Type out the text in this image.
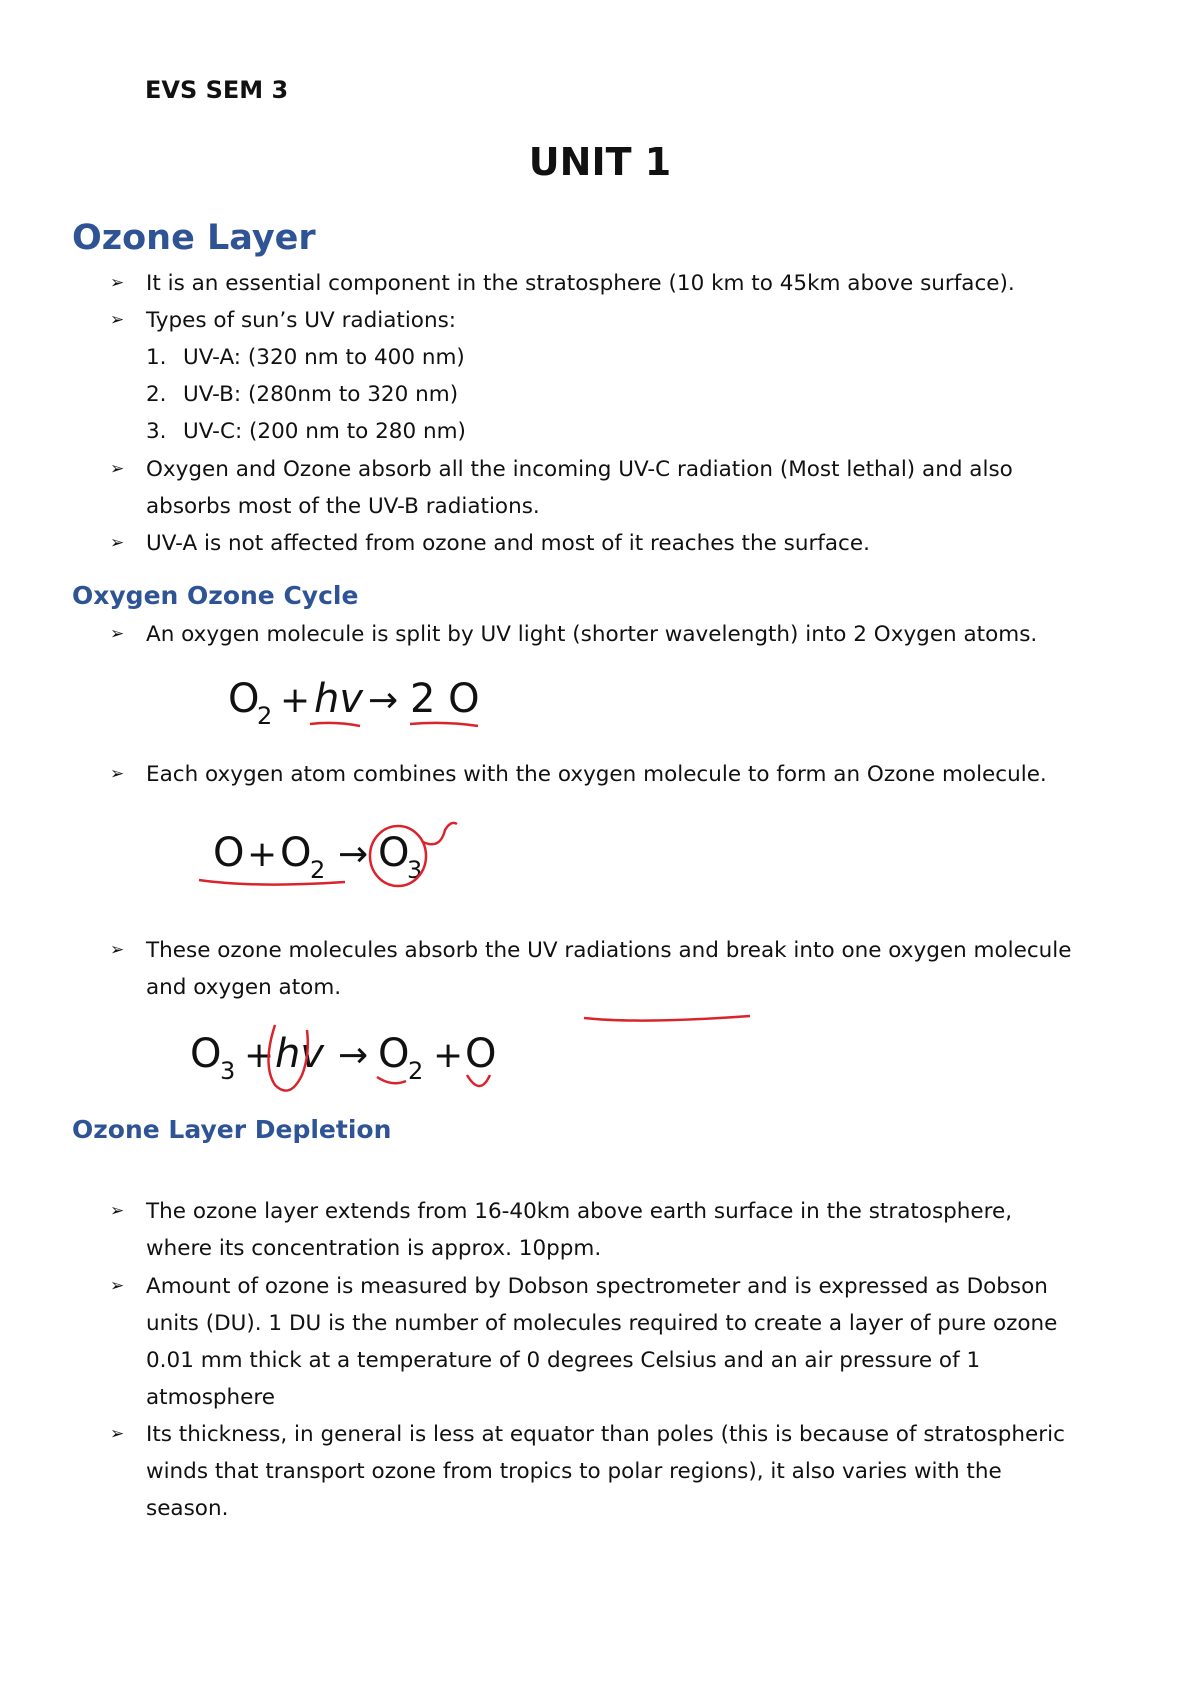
EVS SEM 3
UNIT 1
Ozone Layer
➢ It is an essential component in the stratosphere (10 km to 45km above surface).
➢ Types of sun’s UV radiations:
1. UV-A: (320 nm to 400 nm)
2. UV-B: (280nm to 320 nm)
3. UV-C: (200 nm to 280 nm)
➢ Oxygen and Ozone absorb all the incoming UV-C radiation (Most lethal) and also
absorbs most of the UV-B radiations.
➢ UV-A is not affected from ozone and most of it reaches the surface.
Oxygen Ozone Cycle
➢ An oxygen molecule is split by UV light (shorter wavelength) into 2 Oxygen atoms.
O
2 + hv → 2 O
➢ Each oxygen atom combines with the oxygen molecule to form an Ozone molecule.
O + O
2 → O
3
➢ These ozone molecules absorb the UV radiations and break into one oxygen molecule
and oxygen atom.
O
3 + hv → O
2 + O
Ozone Layer Depletion
➢ The ozone layer extends from 16-40km above earth surface in the stratosphere,
where its concentration is approx. 10ppm.
➢ Amount of ozone is measured by Dobson spectrometer and is expressed as Dobson
units (DU). 1 DU is the number of molecules required to create a layer of pure ozone
0.01 mm thick at a temperature of 0 degrees Celsius and an air pressure of 1
atmosphere
➢ Its thickness, in general is less at equator than poles (this is because of stratospheric
winds that transport ozone from tropics to polar regions), it also varies with the
season.
